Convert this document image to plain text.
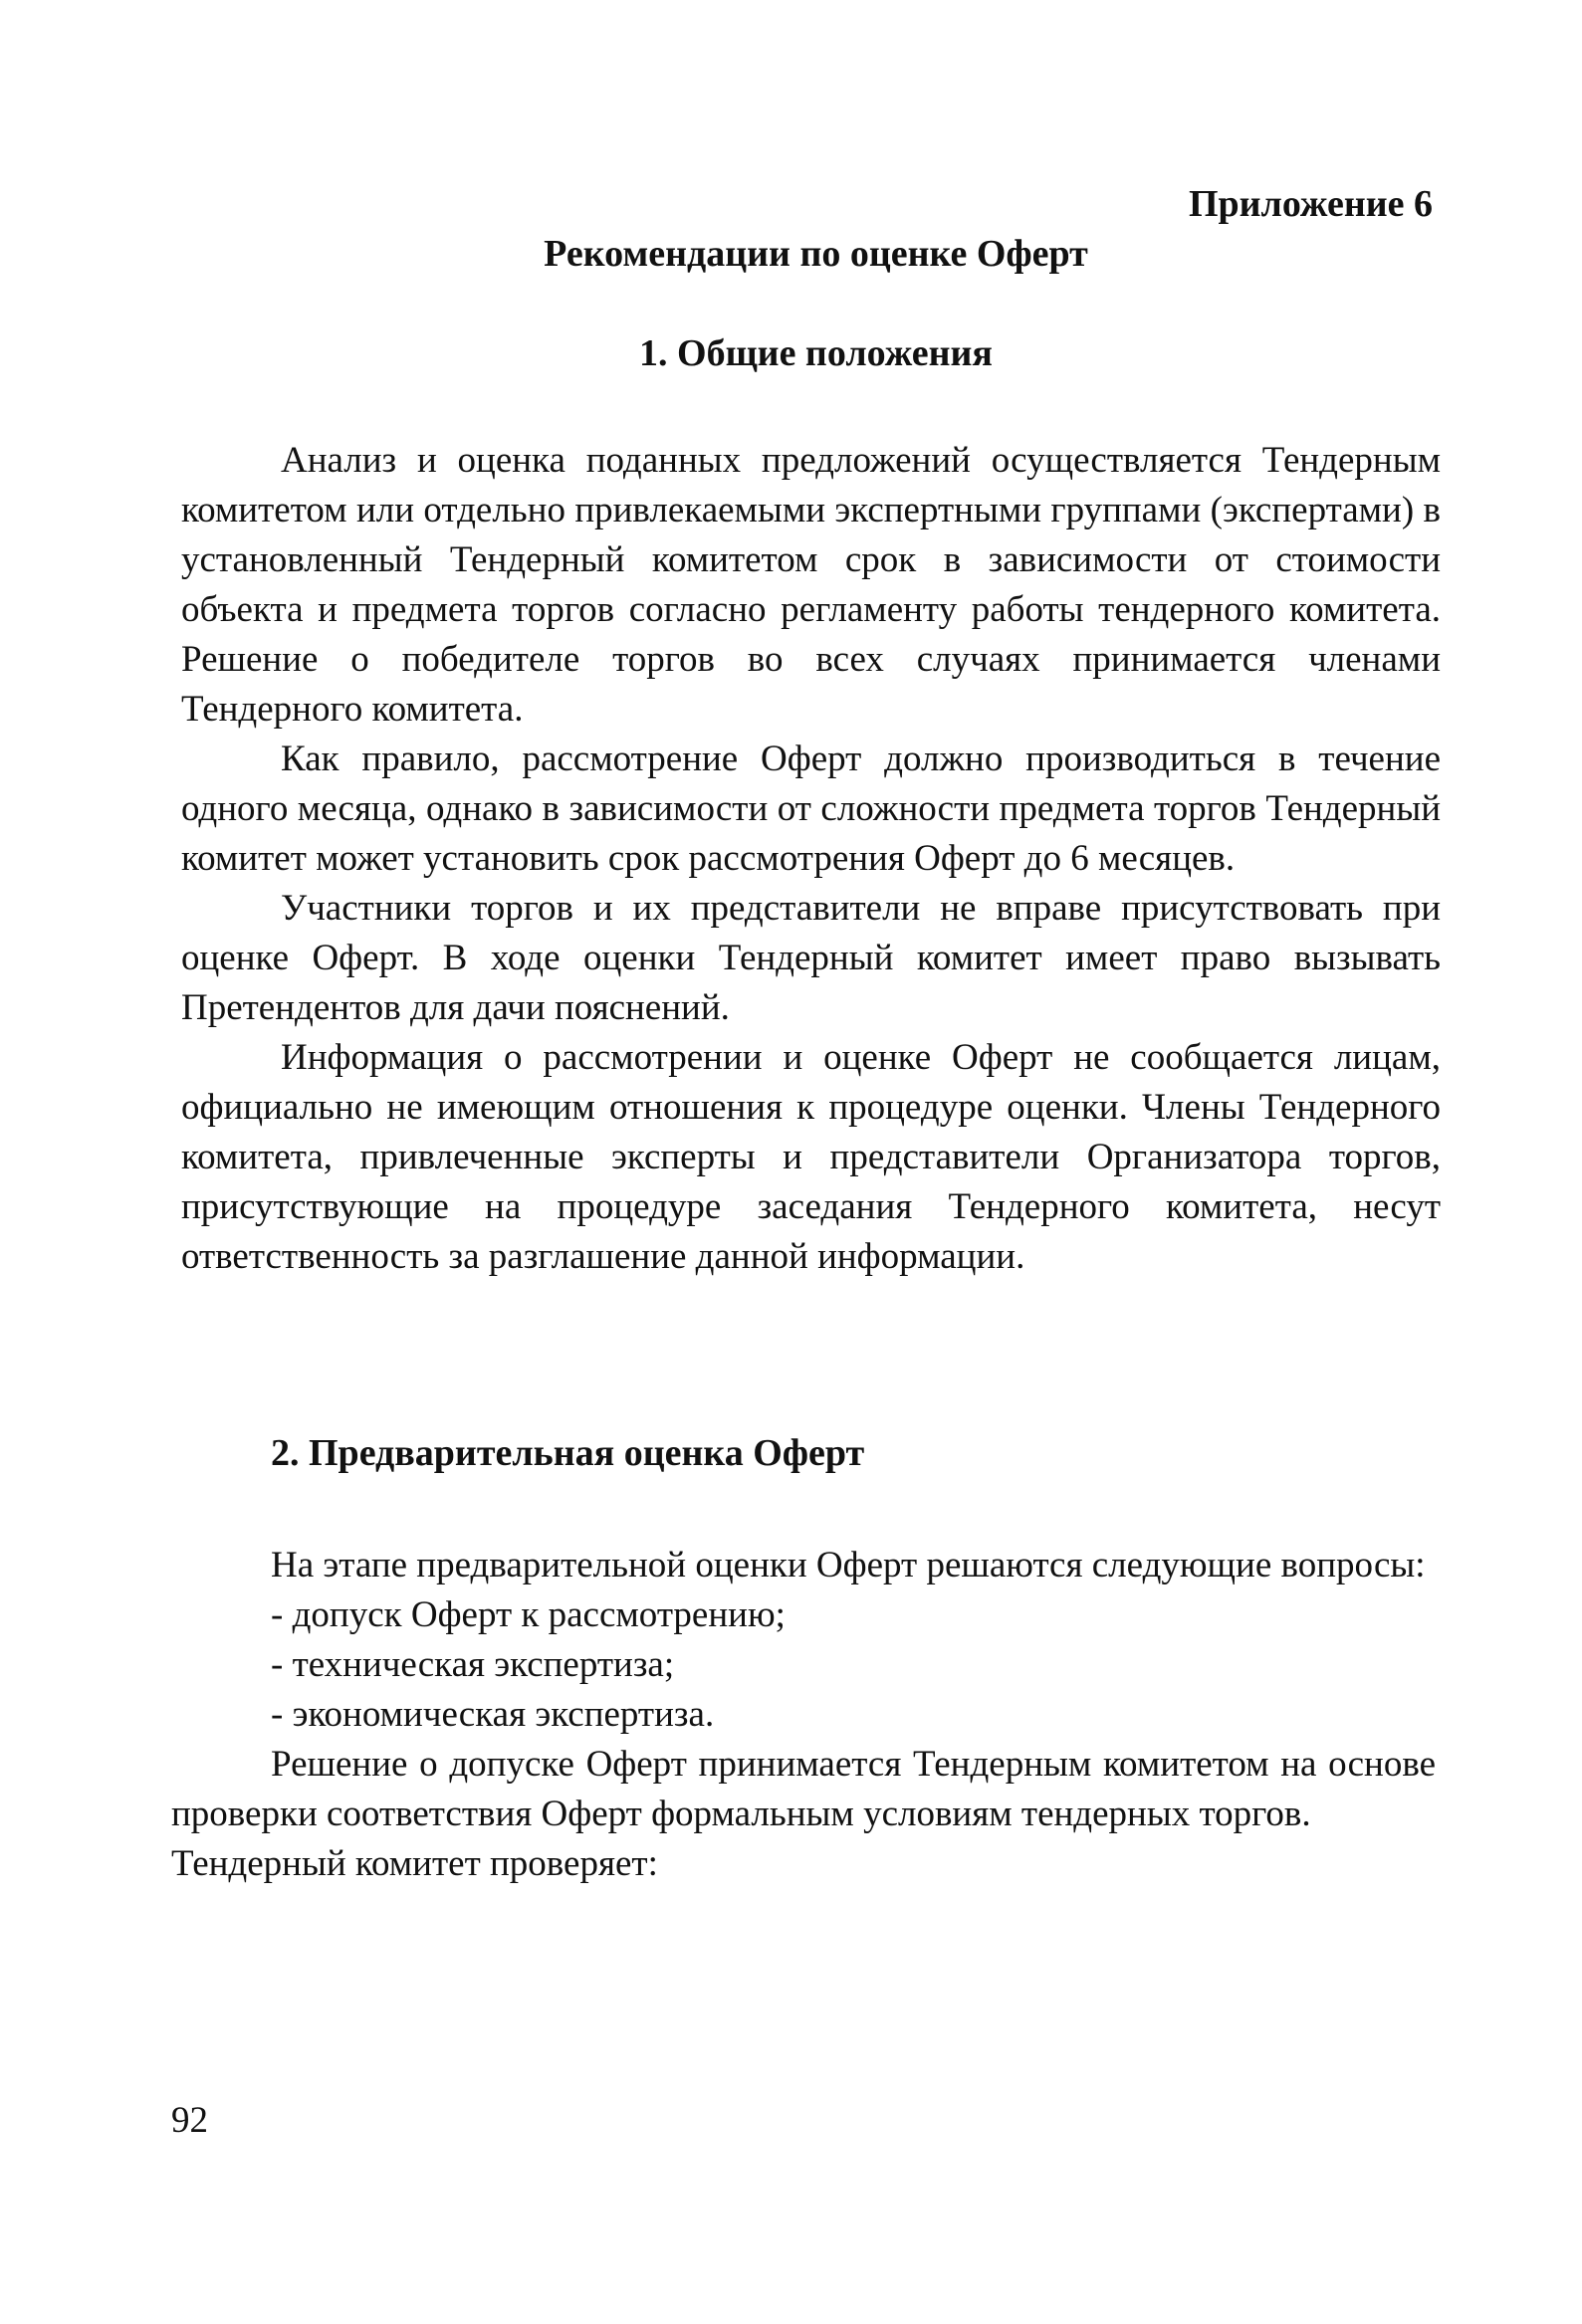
Приложение 6

Рекомендации по оценке Оферт
1. Общие положения

Анализ и оценка поданных предложений осуществляется Тендерным комитетом или отдельно привлекаемыми экспертными группами (экспертами) в установленный Тендерный комитетом срок в зависимости от стоимости объекта и предмета торгов согласно регламенту работы тендерного комитета. Решение о победителе торгов во всех случаях принимается членами Тендерного комитета.

Как правило, рассмотрение Оферт должно производиться в течение одного месяца, однако в зависимости от сложности предмета торгов Тендерный комитет может установить срок рассмотрения Оферт до 6 месяцев.

Участники торгов и их представители не вправе присутствовать при оценке Оферт. В ходе оценки Тендерный комитет имеет право вызывать Претендентов для дачи пояснений.

Информация о рассмотрении и оценке Оферт не сообщается лицам, официально не имеющим отношения к процедуре оценки. Члены Тендерного комитета, привлеченные эксперты и представители Организатора торгов, присутствующие на процедуре заседания Тендерного комитета, несут ответственность за разглашение данной информации.

2. Предварительная оценка Оферт

На этапе предварительной оценки Оферт решаются следующие вопросы:

- допуск Оферт к рассмотрению;

- техническая экспертиза;

- экономическая экспертиза.

Решение о допуске Оферт принимается Тендерным комитетом на основе проверки соответствия Оферт формальным условиям тендерных торгов.

Тендерный комитет проверяет:

92
